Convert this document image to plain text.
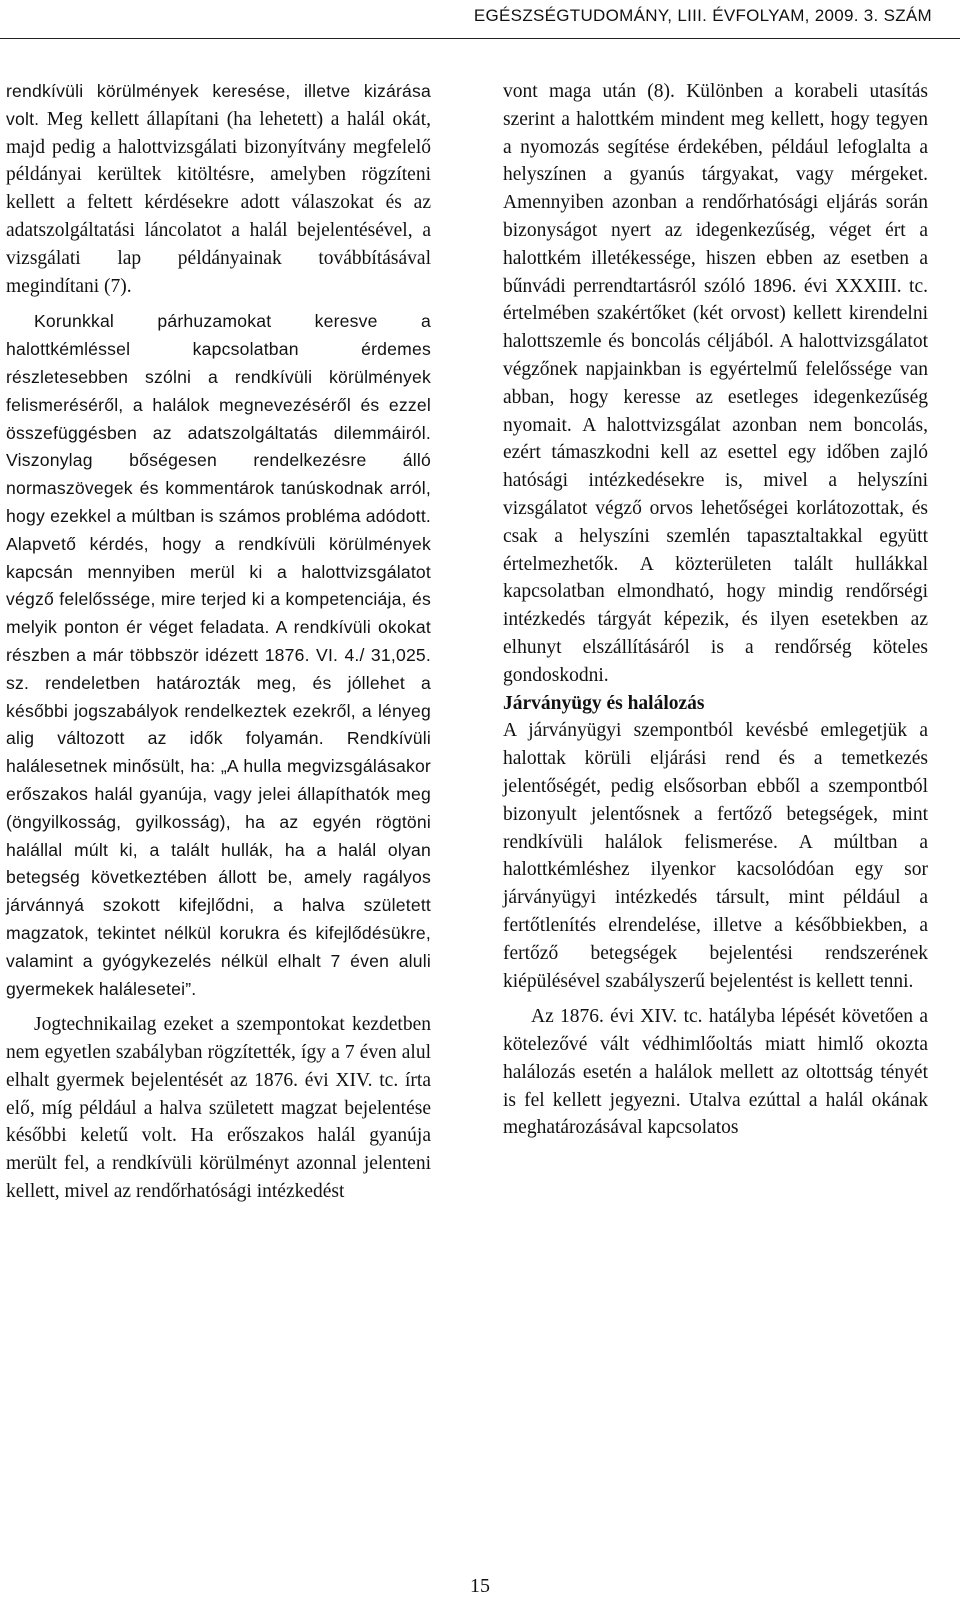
EGÉSZSÉGTUDOMÁNY, LIII. ÉVFOLYAM, 2009. 3. SZÁM

rendkívüli körülmények keresése, illetve kizárása volt. Meg kellett állapítani (ha lehetett) a halál okát, majd pedig a halottvizsgálati bizonyítvány megfelelő példányai kerültek kitöltésre, amelyben rögzíteni kellett a feltett kérdésekre adott válaszokat és az adatszolgáltatási láncolatot a halál bejelentésével, a vizsgálati lap példányainak továbbításával megindítani (7).

Korunkkal párhuzamokat keresve a halottkémléssel kapcsolatban érdemes részletesebben szólni a rendkívüli körülmények felismeréséről, a halálok megnevezéséről és ezzel összefüggésben az adatszolgáltatás dilemmáiról. Viszonylag bőségesen rendelkezésre álló normaszövegek és kommentárok tanúskodnak arról, hogy ezekkel a múltban is számos probléma adódott. Alapvető kérdés, hogy a rendkívüli körülmények kapcsán mennyiben merül ki a halottvizsgálatot végző felelőssége, mire terjed ki a kompetenciája, és melyik ponton ér véget feladata. A rendkívüli okokat részben a már többször idézett 1876. VI. 4./ 31,025. sz. rendeletben határozták meg, és jóllehet a későbbi jogszabályok rendelkeztek ezekről, a lényeg alig változott az idők folyamán. Rendkívüli halálesetnek minősült, ha: „A hulla megvizsgálásakor erőszakos halál gyanúja, vagy jelei állapíthatók meg (öngyilkosság, gyilkosság), ha az egyén rögtöni halállal múlt ki, a talált hullák, ha a halál olyan betegség következtében állott be, amely ragályos járvánnyá szokott kifejlődni, a halva született magzatok, tekintet nélkül korukra és kifejlődésükre, valamint a gyógykezelés nélkül elhalt 7 éven aluli gyermekek halálesetei”.

Jogtechnikailag ezeket a szempontokat kezdetben nem egyetlen szabályban rögzítették, így a 7 éven alul elhalt gyermek bejelentését az 1876. évi XIV. tc. írta elő, míg például a halva született magzat bejelentése későbbi keletű volt. Ha erőszakos halál gyanúja merült fel, a rendkívüli körülményt azonnal jelenteni kellett, mivel az rendőrhatósági intézkedést

vont maga után (8). Különben a korabeli utasítás szerint a halottkém mindent meg kellett, hogy tegyen a nyomozás segítése érdekében, például lefoglalta a helyszínen a gyanús tárgyakat, vagy mérgeket. Amennyiben azonban a rendőrhatósági eljárás során bizonyságot nyert az idegenkezűség, véget ért a halottkém illetékessége, hiszen ebben az esetben a bűnvádi perrendtartásról szóló 1896. évi XXXIII. tc. értelmében szakértőket (két orvost) kellett kirendelni halottszemle és boncolás céljából. A halottvizsgálatot végzőnek napjainkban is egyértelmű felelőssége van abban, hogy keresse az esetleges idegenkezűség nyomait. A halottvizsgálat azonban nem boncolás, ezért támaszkodni kell az esettel egy időben zajló hatósági intézkedésekre is, mivel a helyszíni vizsgálatot végző orvos lehetőségei korlátozottak, és csak a helyszíni szemlén tapasztaltakkal együtt értelmezhetők. A közterületen talált hullákkal kapcsolatban elmondható, hogy mindig rendőrségi intézkedés tárgyát képezik, és ilyen esetekben az elhunyt elszállításáról is a rendőrség köteles gondoskodni.

Járványügy és halálozás

A járványügyi szempontból kevésbé emlegetjük a halottak körüli eljárási rend és a temetkezés jelentőségét, pedig elsősorban ebből a szempontból bizonyult jelentősnek a fertőző betegségek, mint rendkívüli halálok felismerése. A múltban a halottkémléshez ilyenkor kacsolódóan egy sor járványügyi intézkedés társult, mint például a fertőtlenítés elrendelése, illetve a későbbiekben, a fertőző betegségek bejelentési rendszerének kiépülésével szabályszerű bejelentést is kellett tenni.

Az 1876. évi XIV. tc. hatályba lépését követően a kötelezővé vált védhimlőoltás miatt himlő okozta halálozás esetén a halálok mellett az oltottság tényét is fel kellett jegyezni. Utalva ezúttal a halál okának meghatározásával kapcsolatos

15
